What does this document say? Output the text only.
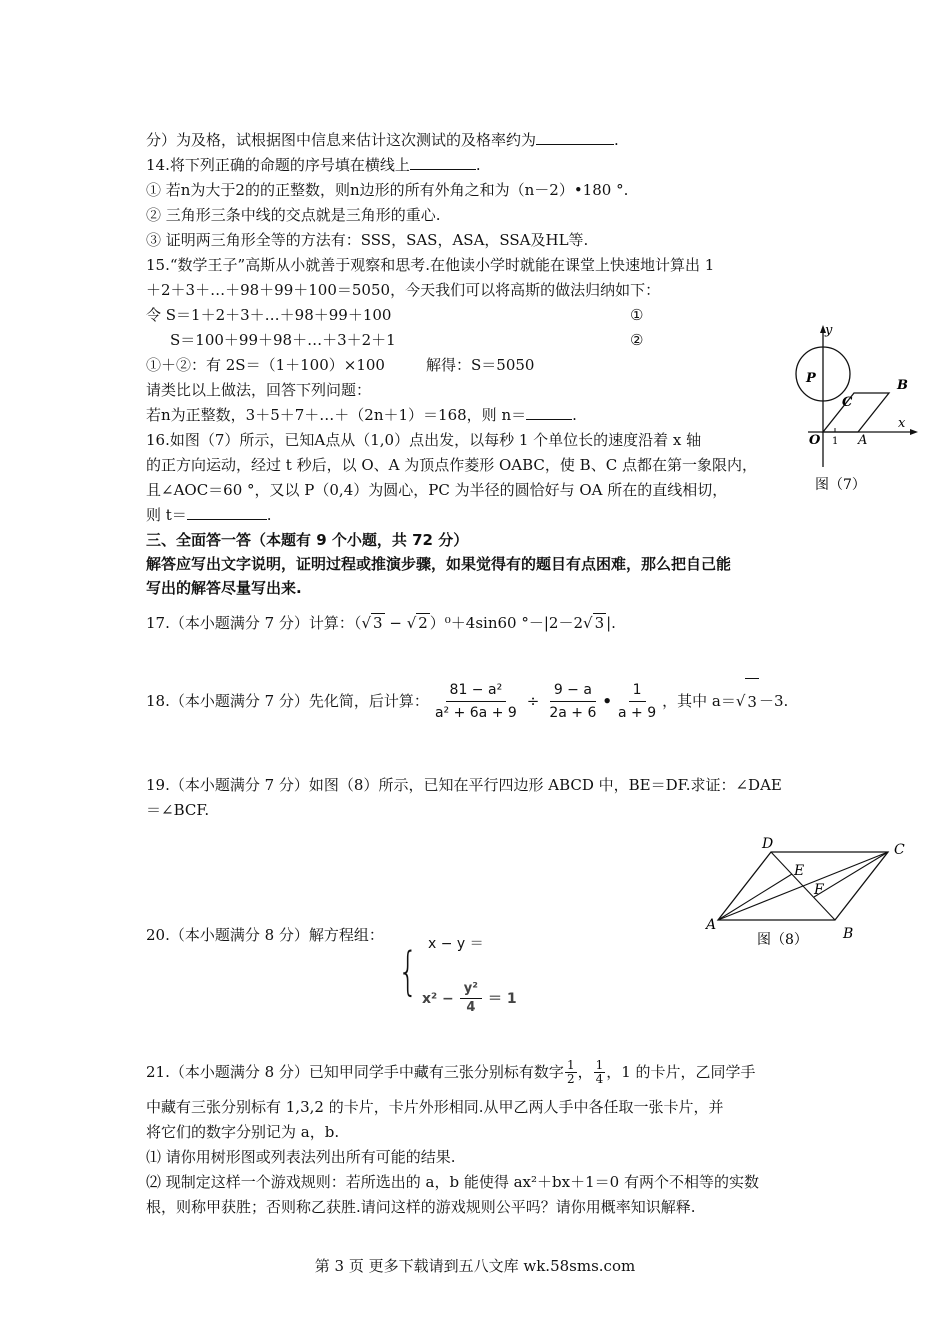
分）为及格，试根据图中信息来估计这次测试的及格率约为	.
14.将下列正确的命题的序号填在横线上	.
① 若n为大于2的的正整数，则n边形的所有外角之和为（n－2）•180 °.
② 三角形三条中线的交点就是三角形的重心.
③ 证明两三角形全等的方法有：SSS，SAS，ASA，SSA及HL等.
15.“数学王子”高斯从小就善于观察和思考.在他读小学时就能在课堂上快速地计算出 1
＋2＋3＋…＋98＋99＋100＝5050，今天我们可以将高斯的做法归纳如下：
令 S＝1＋2＋3＋…＋98＋99＋100	①
S＝100＋99＋98＋…＋3＋2＋1	②
①＋②：有 2S＝（1＋100）×100	解得：S＝5050
请类比以上做法，回答下列问题：
若n为正整数，3＋5＋7＋…＋（2n＋1）＝168，则 n＝	.
16.如图（7）所示，已知A点从（1,0）点出发，以每秒 1 个单位长的速度沿着 x 轴
的正方向运动，经过 t 秒后，以 O、A 为顶点作菱形 OABC，使 B、C 点都在第一象限内，
且∠AOC＝60 °，又以 P（0,4）为圆心，PC 为半径的圆恰好与 OA 所在的直线相切，
则 t＝	.
y
x
P	B
C
O 1 A
图（7）
三、全面答一答（本题有 9 个小题，共 72 分）
解答应写出文字说明，证明过程或推演步骤，如果觉得有的题目有点困难，那么把自己能
写出的解答尽量写出来.
17.（本小题满分 7 分）计算：（√ 3 − √ 2 ）⁰＋4sin60 °－|2－2√ 3 |.
18.（本小题满分 7 分）先化简，后计算： $\frac{\text{81 − a²}}{\text{a² + 6a + 9}} \div \frac{9 - a}{2a + 6}$ • $\frac{1}{a + 9}$ ，其中 a＝ √ 3 －3.
19.（本小题满分 7 分）如图（8）所示，已知在平行四边形 ABCD 中，BE＝DF.求证：∠DAE
＝∠BCF.
D	C
E
F
A
B
图（8）
20.（本小题满分 8 分）解方程组：
{ x − y ＝
$x^2 - \frac{\text{y²}}{4} = 1$
21.（本小题满分 8 分）已知甲同学手中藏有三张分别标有数字 $\frac{1}{2}$ ， $\frac{1}{4}$ ，1 的卡片，乙同学手
中藏有三张分别标有 1,3,2 的卡片，卡片外形相同.从甲乙两人手中各任取一张卡片，并
将它们的数字分别记为 a，b.
⑴ 请你用树形图或列表法列出所有可能的结果.
⑵ 现制定这样一个游戏规则：若所选出的 a，b 能使得 ax²＋bx＋1＝0 有两个不相等的实数
根，则称甲获胜；否则称乙获胜.请问这样的游戏规则公平吗？请你用概率知识解释.
第 3 页 更多下载请到五八文库 wk.58sms.com
